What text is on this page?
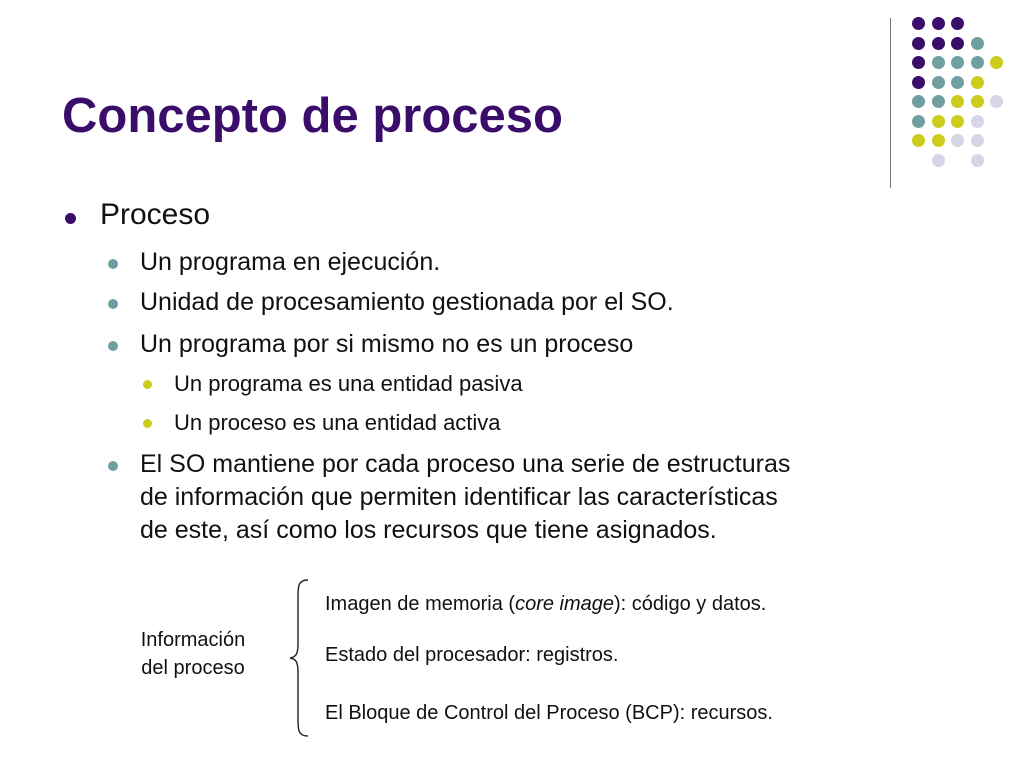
Concepto de proceso
Proceso
Un programa en ejecución.
Unidad de procesamiento gestionada por el SO.
Un programa por si mismo no es un proceso
Un programa es una entidad pasiva
Un proceso es una entidad activa
El SO mantiene por cada proceso una serie de estructuras
de información que permiten identificar las características
de este, así como los recursos que tiene asignados.
Información
del proceso
Imagen de memoria (core image): código y datos.
Estado del procesador: registros.
El Bloque de Control del Proceso (BCP): recursos.
